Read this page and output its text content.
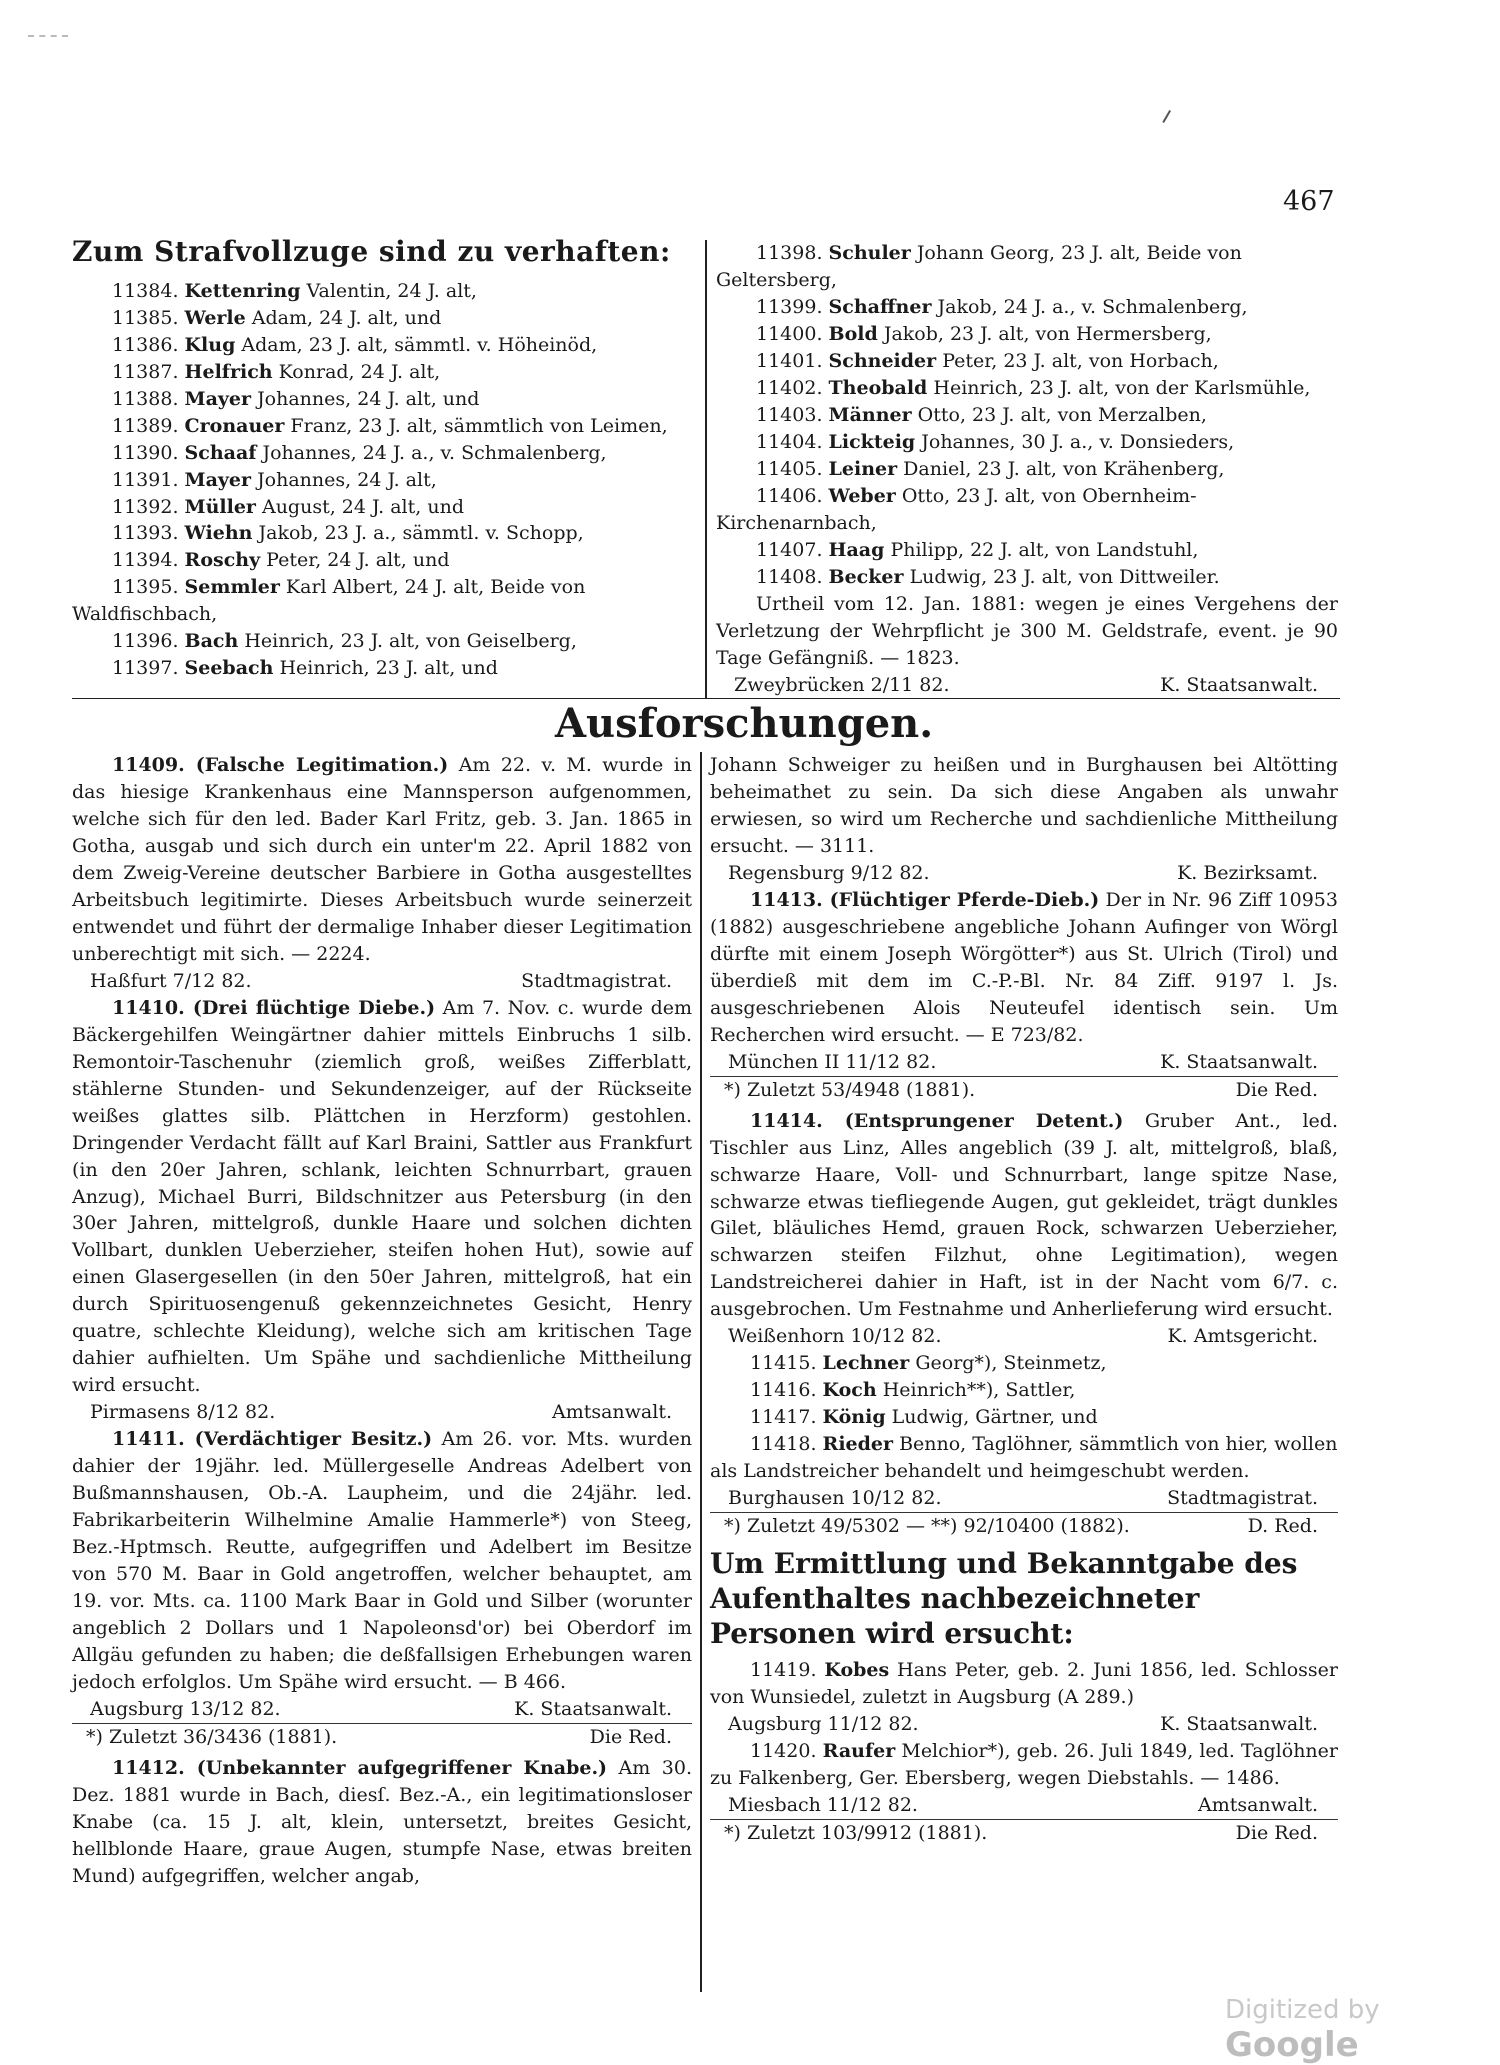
467
Zum Strafvollzuge sind zu verhaften:

11384. Kettenring Valentin, 24 J. alt,

11385. Werle Adam, 24 J. alt, und

11386. Klug Adam, 23 J. alt, sämmtl. v. Höheinöd,

11387. Helfrich Konrad, 24 J. alt,

11388. Mayer Johannes, 24 J. alt, und

11389. Cronauer Franz, 23 J. alt, sämmtlich von Leimen,

11390. Schaaf Johannes, 24 J. a., v. Schmalenberg,

11391. Mayer Johannes, 24 J. alt,

11392. Müller August, 24 J. alt, und

11393. Wiehn Jakob, 23 J. a., sämmtl. v. Schopp,

11394. Roschy Peter, 24 J. alt, und

11395. Semmler Karl Albert, 24 J. alt, Beide von Waldfischbach,

11396. Bach Heinrich, 23 J. alt, von Geiselberg,

11397. Seebach Heinrich, 23 J. alt, und

11398. Schuler Johann Georg, 23 J. alt, Beide von Geltersberg,

11399. Schaffner Jakob, 24 J. a., v. Schmalenberg,

11400. Bold Jakob, 23 J. alt, von Hermersberg,

11401. Schneider Peter, 23 J. alt, von Horbach,

11402. Theobald Heinrich, 23 J. alt, von der Karlsmühle,

11403. Männer Otto, 23 J. alt, von Merzalben,

11404. Lickteig Johannes, 30 J. a., v. Donsieders,

11405. Leiner Daniel, 23 J. alt, von Krähenberg,

11406. Weber Otto, 23 J. alt, von Obernheim-Kirchenarnbach,

11407. Haag Philipp, 22 J. alt, von Landstuhl,

11408. Becker Ludwig, 23 J. alt, von Dittweiler.

Urtheil vom 12. Jan. 1881: wegen je eines Vergehens der Verletzung der Wehrpflicht je 300 M. Geldstrafe, event. je 90 Tage Gefängniß. — 1823.

Zweybrücken 2/11 82.	K. Staatsanwalt.

Ausforschungen.

11409. (Falsche Legitimation.) Am 22. v. M. wurde in das hiesige Krankenhaus eine Mannsperson aufgenommen, welche sich für den led. Bader Karl Fritz, geb. 3. Jan. 1865 in Gotha, ausgab und sich durch ein unter'm 22. April 1882 von dem Zweig-Vereine deutscher Barbiere in Gotha ausgestelltes Arbeitsbuch legitimirte. Dieses Arbeitsbuch wurde seinerzeit entwendet und führt der dermalige Inhaber dieser Legitimation unberechtigt mit sich. — 2224.

Haßfurt 7/12 82.	Stadtmagistrat.

11410. (Drei flüchtige Diebe.) Am 7. Nov. c. wurde dem Bäckergehilfen Weingärtner dahier mittels Einbruchs 1 silb. Remontoir-Taschenuhr (ziemlich groß, weißes Zifferblatt, stählerne Stunden- und Sekundenzeiger, auf der Rückseite weißes glattes silb. Plättchen in Herzform) gestohlen. Dringender Verdacht fällt auf Karl Braini, Sattler aus Frankfurt (in den 20er Jahren, schlank, leichten Schnurrbart, grauen Anzug), Michael Burri, Bildschnitzer aus Petersburg (in den 30er Jahren, mittelgroß, dunkle Haare und solchen dichten Vollbart, dunklen Ueberzieher, steifen hohen Hut), sowie auf einen Glasergesellen (in den 50er Jahren, mittelgroß, hat ein durch Spirituosengenuß gekennzeichnetes Gesicht, Henry quatre, schlechte Kleidung), welche sich am kritischen Tage dahier aufhielten. Um Spähe und sachdienliche Mittheilung wird ersucht.

Pirmasens 8/12 82.	Amtsanwalt.

11411. (Verdächtiger Besitz.) Am 26. vor. Mts. wurden dahier der 19jähr. led. Müllergeselle Andreas Adelbert von Bußmannshausen, Ob.-A. Laupheim, und die 24jähr. led. Fabrikarbeiterin Wilhelmine Amalie Hammerle*) von Steeg, Bez.-Hptmsch. Reutte, aufgegriffen und Adelbert im Besitze von 570 M. Baar in Gold angetroffen, welcher behauptet, am 19. vor. Mts. ca. 1100 Mark Baar in Gold und Silber (worunter angeblich 2 Dollars und 1 Napoleonsd'or) bei Oberdorf im Allgäu gefunden zu haben; die deßfallsigen Erhebungen waren jedoch erfolglos. Um Spähe wird ersucht. — B 466.

Augsburg 13/12 82.	K. Staatsanwalt.

*) Zuletzt 36/3436 (1881).	Die Red.

11412. (Unbekannter aufgegriffener Knabe.) Am 30. Dez. 1881 wurde in Bach, diesſ. Bez.-A., ein legitimationsloser Knabe (ca. 15 J. alt, klein, untersetzt, breites Gesicht, hellblonde Haare, graue Augen, stumpfe Nase, etwas breiten Mund) aufgegriffen, welcher angab,

Johann Schweiger zu heißen und in Burghausen bei Altötting beheimathet zu sein. Da sich diese Angaben als unwahr erwiesen, so wird um Recherche und sachdienliche Mittheilung ersucht. — 3111.

Regensburg 9/12 82.	K. Bezirksamt.

11413. (Flüchtiger Pferde-Dieb.) Der in Nr. 96 Ziff 10953 (1882) ausgeschriebene angebliche Johann Aufinger von Wörgl dürfte mit einem Joseph Wörgötter*) aus St. Ulrich (Tirol) und überdieß mit dem im C.-P.-Bl. Nr. 84 Ziff. 9197 l. Js. ausgeschriebenen Alois Neuteufel identisch sein. Um Recherchen wird ersucht. — E 723/82.

München II 11/12 82.	K. Staatsanwalt.

*) Zuletzt 53/4948 (1881).	Die Red.

11414. (Entsprungener Detent.) Gruber Ant., led. Tischler aus Linz, Alles angeblich (39 J. alt, mittelgroß, blaß, schwarze Haare, Voll- und Schnurrbart, lange spitze Nase, schwarze etwas tiefliegende Augen, gut gekleidet, trägt dunkles Gilet, bläuliches Hemd, grauen Rock, schwarzen Ueberzieher, schwarzen steifen Filzhut, ohne Legitimation), wegen Landstreicherei dahier in Haft, ist in der Nacht vom 6/7. c. ausgebrochen. Um Festnahme und Anherlieferung wird ersucht.

Weißenhorn 10/12 82.	K. Amtsgericht.

11415. Lechner Georg*), Steinmetz,

11416. Koch Heinrich**), Sattler,

11417. König Ludwig, Gärtner, und

11418. Rieder Benno, Taglöhner, sämmtlich von hier, wollen als Landstreicher behandelt und heimgeschubt werden.

Burghausen 10/12 82.	Stadtmagistrat.

*) Zuletzt 49/5302 — **) 92/10400 (1882).	D. Red.

Um Ermittlung und Bekanntgabe des Aufenthaltes nachbezeichneter Personen wird ersucht:

11419. Kobes Hans Peter, geb. 2. Juni 1856, led. Schlosser von Wunsiedel, zuletzt in Augsburg (A 289.)

Augsburg 11/12 82.	K. Staatsanwalt.

11420. Raufer Melchior*), geb. 26. Juli 1849, led. Taglöhner zu Falkenberg, Ger. Ebersberg, wegen Diebstahls. — 1486.

Miesbach 11/12 82.	Amtsanwalt.

*) Zuletzt 103/9912 (1881).	Die Red.

Digitized by Google
